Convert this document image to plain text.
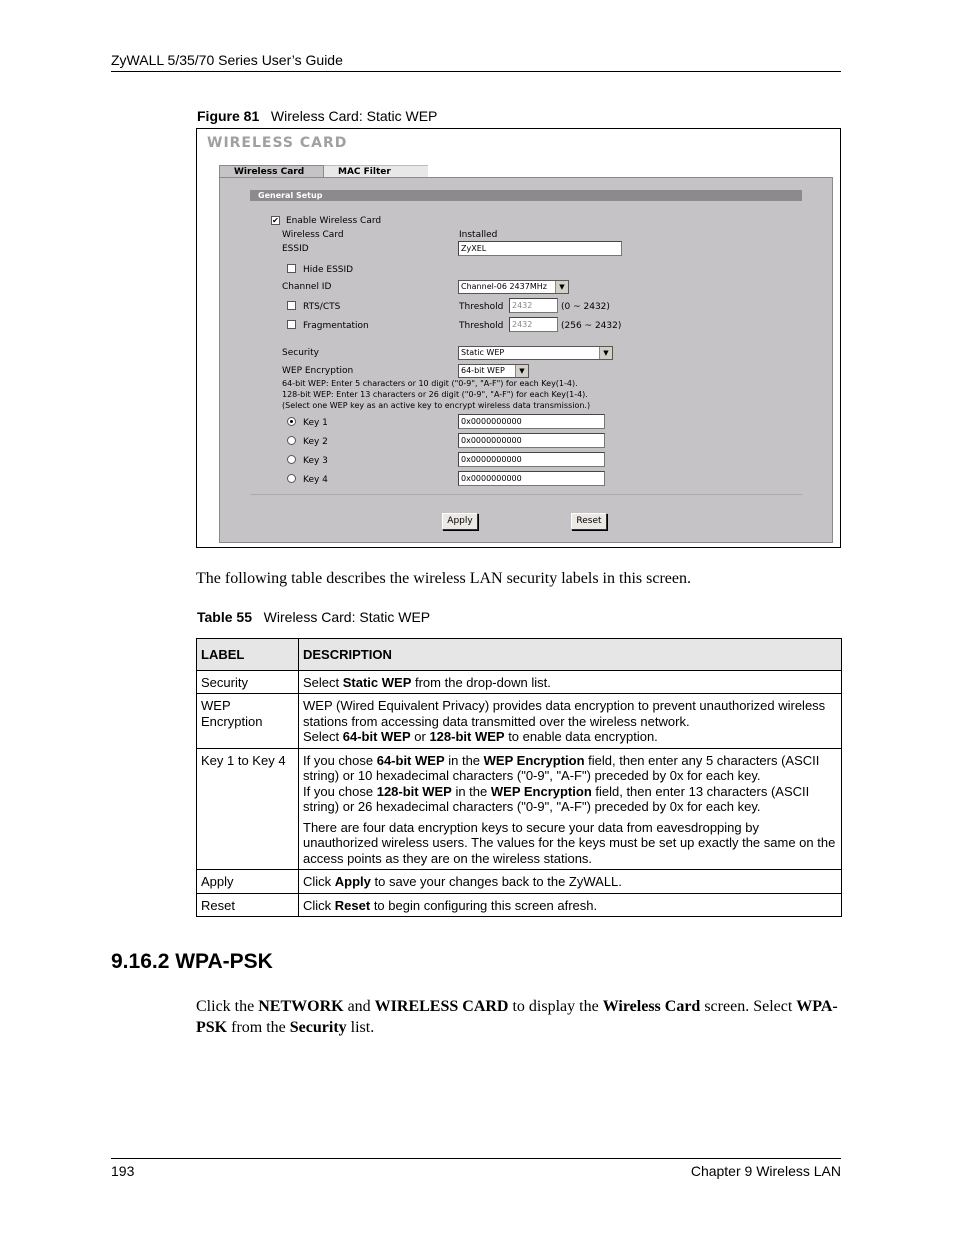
ZyWALL 5/35/70 Series User’s Guide
Figure 81 Wireless Card: Static WEP
WIRELESS CARD
Wireless Card	MAC Filter
General Setup
✔ Enable Wireless Card
Wireless Card	Installed
ESSID	ZyXEL
Hide ESSID
Channel ID	Channel-06 2437MHz	▼
RTS/CTS	Threshold	2432	(0 ~ 2432)
Fragmentation	Threshold	2432	(256 ~ 2432)
Security	Static WEP	▼
WEP Encryption	64-bit WEP	▼
64-bit WEP: Enter 5 characters or 10 digit ("0-9", "A-F") for each Key(1-4).
128-bit WEP: Enter 13 characters or 26 digit ("0-9", "A-F") for each Key(1-4).
(Select one WEP key as an active key to encrypt wireless data transmission.)
Key 1	0x0000000000
Key 2	0x0000000000
Key 3	0x0000000000
Key 4	0x0000000000
Apply	Reset
The following table describes the wireless LAN security labels in this screen.
Table 55 Wireless Card: Static WEP
LABEL	DESCRIPTION
Security	Select Static WEP from the drop-down list.
WEP Encryption	WEP (Wired Equivalent Privacy) provides data encryption to prevent unauthorized wireless stations from accessing data transmitted over the wireless network.
Select 64-bit WEP or 128-bit WEP to enable data encryption.
Key 1 to Key 4	If you chose 64-bit WEP in the WEP Encryption field, then enter any 5 characters (ASCII string) or 10 hexadecimal characters ("0-9", "A-F") preceded by 0x for each key.
If you chose 128-bit WEP in the WEP Encryption field, then enter 13 characters (ASCII string) or 26 hexadecimal characters ("0-9", "A-F") preceded by 0x for each key.

There are four data encryption keys to secure your data from eavesdropping by unauthorized wireless users. The values for the keys must be set up exactly the same on the access points as they are on the wireless stations.

Apply	Click Apply to save your changes back to the ZyWALL.
Reset	Click Reset to begin configuring this screen afresh.
9.16.2 WPA-PSK
Click the NETWORK and WIRELESS CARD to display the Wireless Card screen. Select WPA-PSK from the Security list.
193	Chapter 9 Wireless LAN
